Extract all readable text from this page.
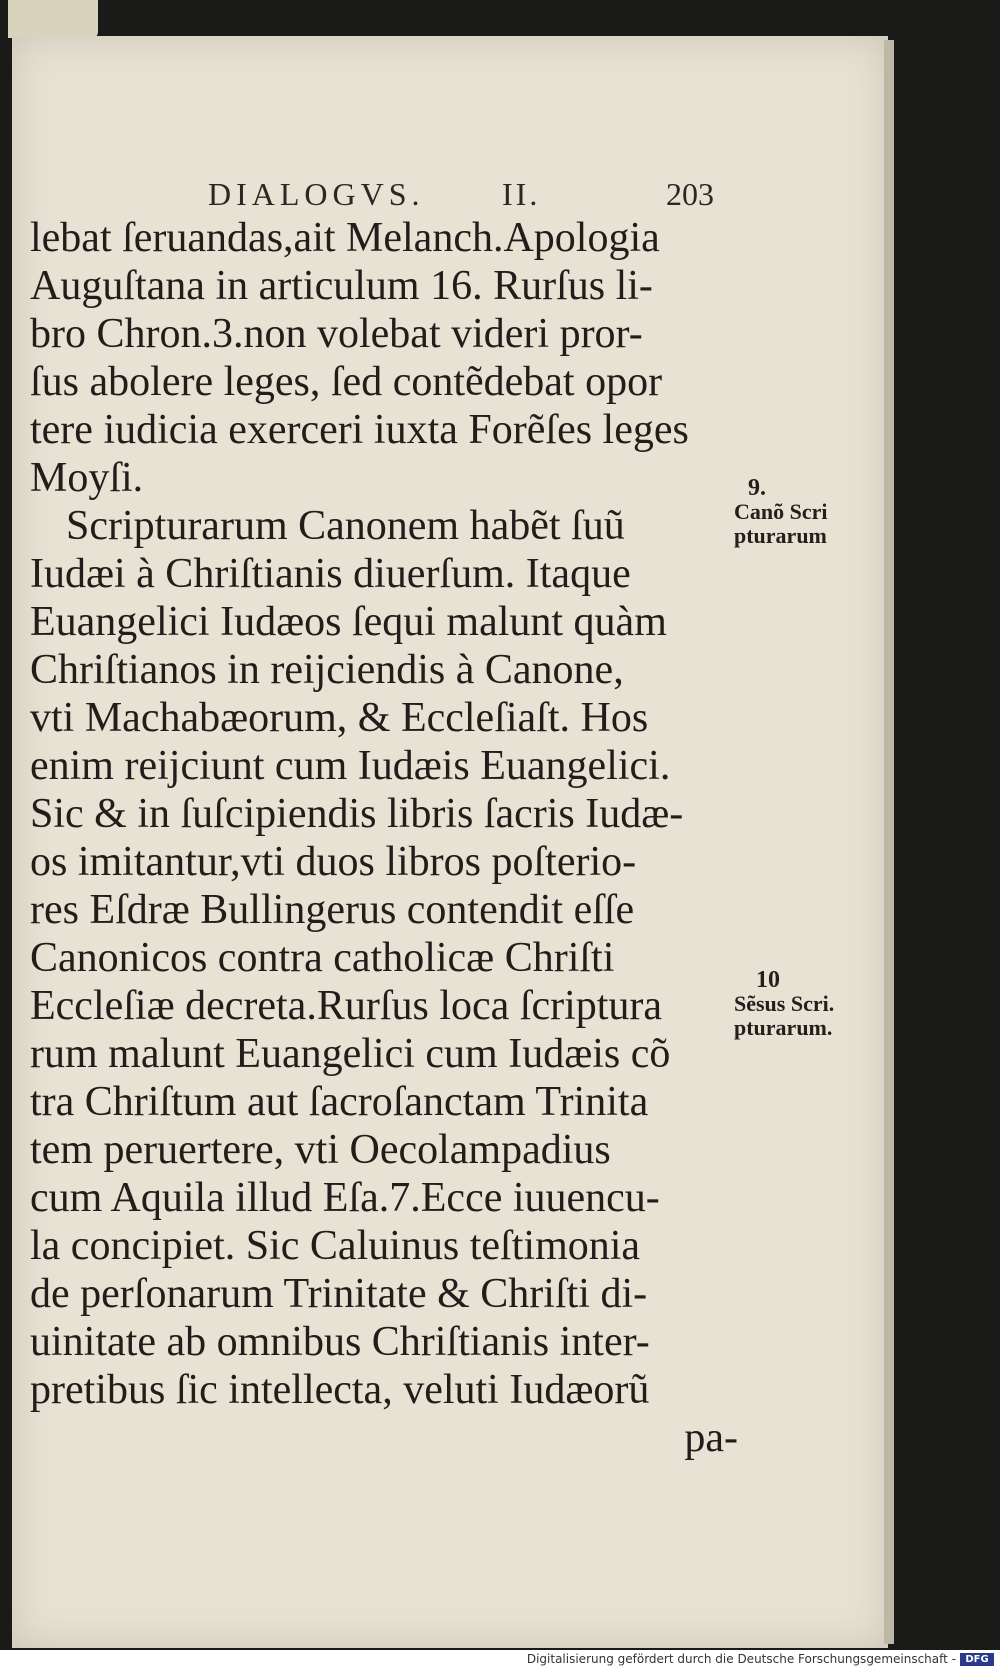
DIALOGVS. II.	203
lebat ſeruandas,ait Melanch.Apologia
Auguſtana in articulum 16. Rurſus li-
bro Chron.3.non volebat videri pror-
ſus abolere leges, ſed contẽdebat opor
tere iudicia exerceri iuxta Forẽſes leges
Moyſi.
Scripturarum Canonem habẽt ſuũ
Iudæi à Chriſtianis diuerſum. Itaque
Euangelici Iudæos ſequi malunt quàm
Chriſtianos in reijciendis à Canone,
vti Machabæorum, & Eccleſiaſt. Hos
enim reijciunt cum Iudæis Euangelici.
Sic & in ſuſcipiendis libris ſacris Iudæ-
os imitantur,vti duos libros poſterio-
res Eſdræ Bullingerus contendit eſſe
Canonicos contra catholicæ Chriſti
Eccleſiæ decreta.Rurſus loca ſcriptura
rum malunt Euangelici cum Iudæis cõ
tra Chriſtum aut ſacroſanctam Trinita
tem peruertere, vti Oecolampadius
cum Aquila illud Eſa.7.Ecce iuuencu-
la concipiet. Sic Caluinus teſtimonia
de perſonarum Trinitate & Chriſti di-
uinitate ab omnibus Chriſtianis inter-
pretibus ſic intellecta, veluti Iudæorũ
pa-
9.
Canõ Scri
pturarum
10
Sẽsus Scri.
pturarum.
Digitalisierung gefördert durch die Deutsche Forschungsgemeinschaft - DFG
